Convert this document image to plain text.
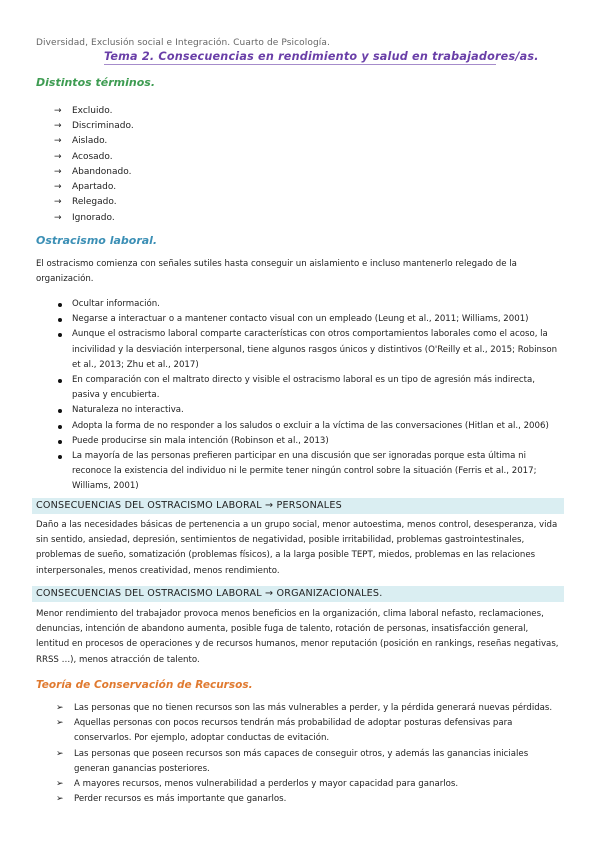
Diversidad, Exclusión social e Integración. Cuarto de Psicología.
Tema 2. Consecuencias en rendimiento y salud en trabajadores/as.
Distintos términos.
→	Excluido.
→	Discriminado.
→	Aislado.
→	Acosado.
→	Abandonado.
→	Apartado.
→	Relegado.
→	Ignorado.
Ostracismo laboral.
El ostracismo comienza con señales sutiles hasta conseguir un aislamiento e incluso mantenerlo relegado de la organización.
Ocultar información.
Negarse a interactuar o a mantener contacto visual con un empleado (Leung et al., 2011; Williams, 2001)
Aunque el ostracismo laboral comparte características con otros comportamientos laborales como el acoso, la incivilidad y la desviación interpersonal, tiene algunos rasgos únicos y distintivos (O'Reilly et al., 2015; Robinson et al., 2013; Zhu et al., 2017)
En comparación con el maltrato directo y visible el ostracismo laboral es un tipo de agresión más indirecta, pasiva y encubierta.
Naturaleza no interactiva.
Adopta la forma de no responder a los saludos o excluir a la víctima de las conversaciones (Hitlan et al., 2006)
Puede producirse sin mala intención (Robinson et al., 2013)
La mayoría de las personas prefieren participar en una discusión que ser ignoradas porque esta última ni reconoce la existencia del individuo ni le permite tener ningún control sobre la situación (Ferris et al., 2017; Williams, 2001)
CONSECUENCIAS DEL OSTRACISMO LABORAL → PERSONALES
Daño a las necesidades básicas de pertenencia a un grupo social, menor autoestima, menos control, desesperanza, vida sin sentido, ansiedad, depresión, sentimientos de negatividad, posible irritabilidad, problemas gastrointestinales, problemas de sueño, somatización (problemas físicos), a la larga posible TEPT, miedos, problemas en las relaciones interpersonales, menos creatividad, menos rendimiento.
CONSECUENCIAS DEL OSTRACISMO LABORAL → ORGANIZACIONALES.
Menor rendimiento del trabajador provoca menos beneficios en la organización, clima laboral nefasto, reclamaciones, denuncias, intención de abandono aumenta, posible fuga de talento, rotación de personas, insatisfacción general, lentitud en procesos de operaciones y de recursos humanos, menor reputación (posición en rankings, reseñas negativas, RRSS …), menos atracción de talento.
Teoría de Conservación de Recursos.
➢ Las personas que no tienen recursos son las más vulnerables a perder, y la pérdida generará nuevas pérdidas.
➢ Aquellas personas con pocos recursos tendrán más probabilidad de adoptar posturas defensivas para conservarlos. Por ejemplo, adoptar conductas de evitación.
➢ Las personas que poseen recursos son más capaces de conseguir otros, y además las ganancias iniciales generan ganancias posteriores.
➢ A mayores recursos, menos vulnerabilidad a perderlos y mayor capacidad para ganarlos.
➢ Perder recursos es más importante que ganarlos.
